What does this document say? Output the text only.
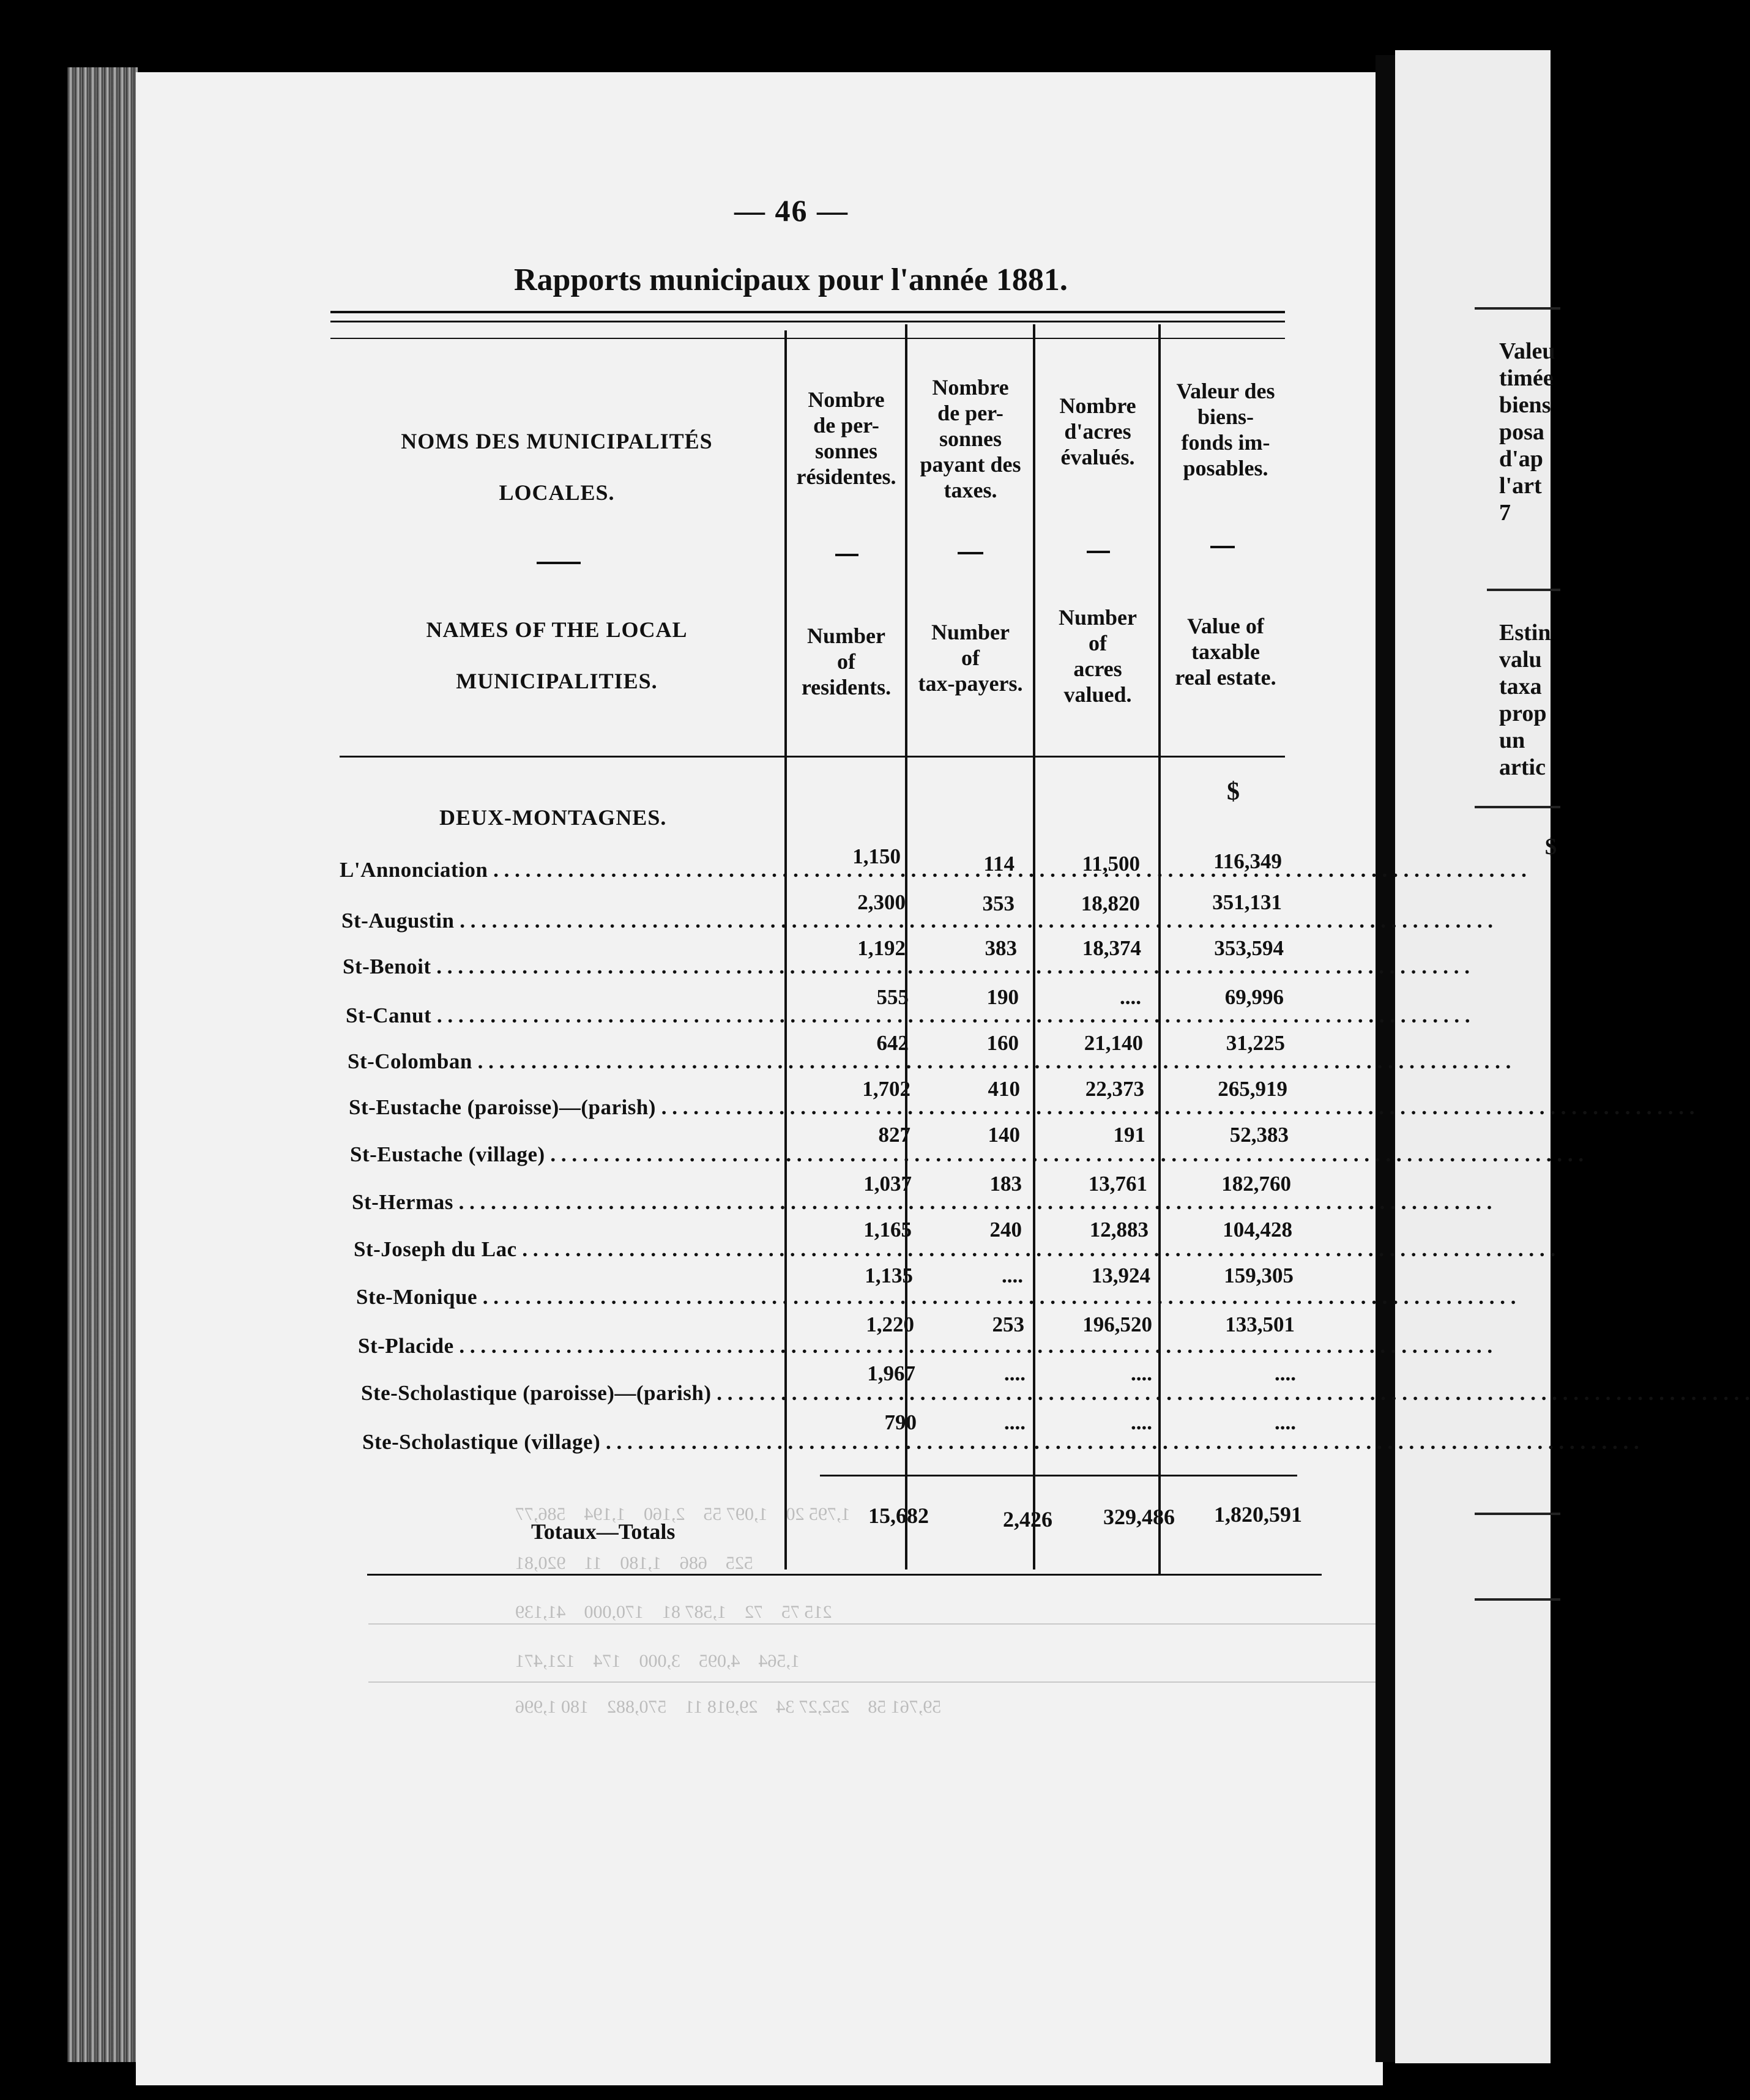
1,795 20    1,097 55    2,160    1,194    586,77
525    686    1,180    11    920,81
215 75    72    1,587 81    170,000    41,139
1,564    4,095    3,000    174    121,471
59,761 58    252,27 34    29,918 11    570,882    180 1,996
Valeu
timée
biens
posa
d'ap
l'art
7
Estin
valu
taxa
prop
un
artic
$
— 46 —
Rapports municipaux pour l'année 1881.
NOMS DES MUNICIPALITÉS

LOCALES.
NAMES OF THE LOCAL

MUNICIPALITIES.
Nombre
de per-
sonnes
résidentes.
Number
of
residents.
Nombre
de per-
sonnes
payant des
taxes.
Number
of
tax-payers.
Nombre
d'acres
évalués.
Number
of
acres
valued.
Valeur des
biens-
fonds im-
posables.
Value of
taxable
real estate.
$
DEUX-MONTAGNES.
L'Annonciation . . .
1,150	114	11,500	116,349
St-Augustin . . .
2,300	353	18,820	351,131
St-Benoit . . .
1,192	383	18,374	353,594
St-Canut . . .
555	190	....	69,996
St-Colomban . . .
642	160	21,140	31,225
St-Eustache (paroisse)—(parish) . . .
1,702	410	22,373	265,919
St-Eustache (village) . . .
827	140	191	52,383
St-Hermas . . .
1,037	183	13,761	182,760
St-Joseph du Lac . . .
1,165	240	12,883	104,428
Ste-Monique . . .
1,135	....	13,924	159,305
St-Placide . . .
1,220	253	196,520	133,501
Ste-Scholastique (paroisse)—(parish) . . .
1,967	....	....	....
Ste-Scholastique (village) . . .
790	....	....	....
Totaux—Totals
15,682	2,426	329,486	1,820,591
